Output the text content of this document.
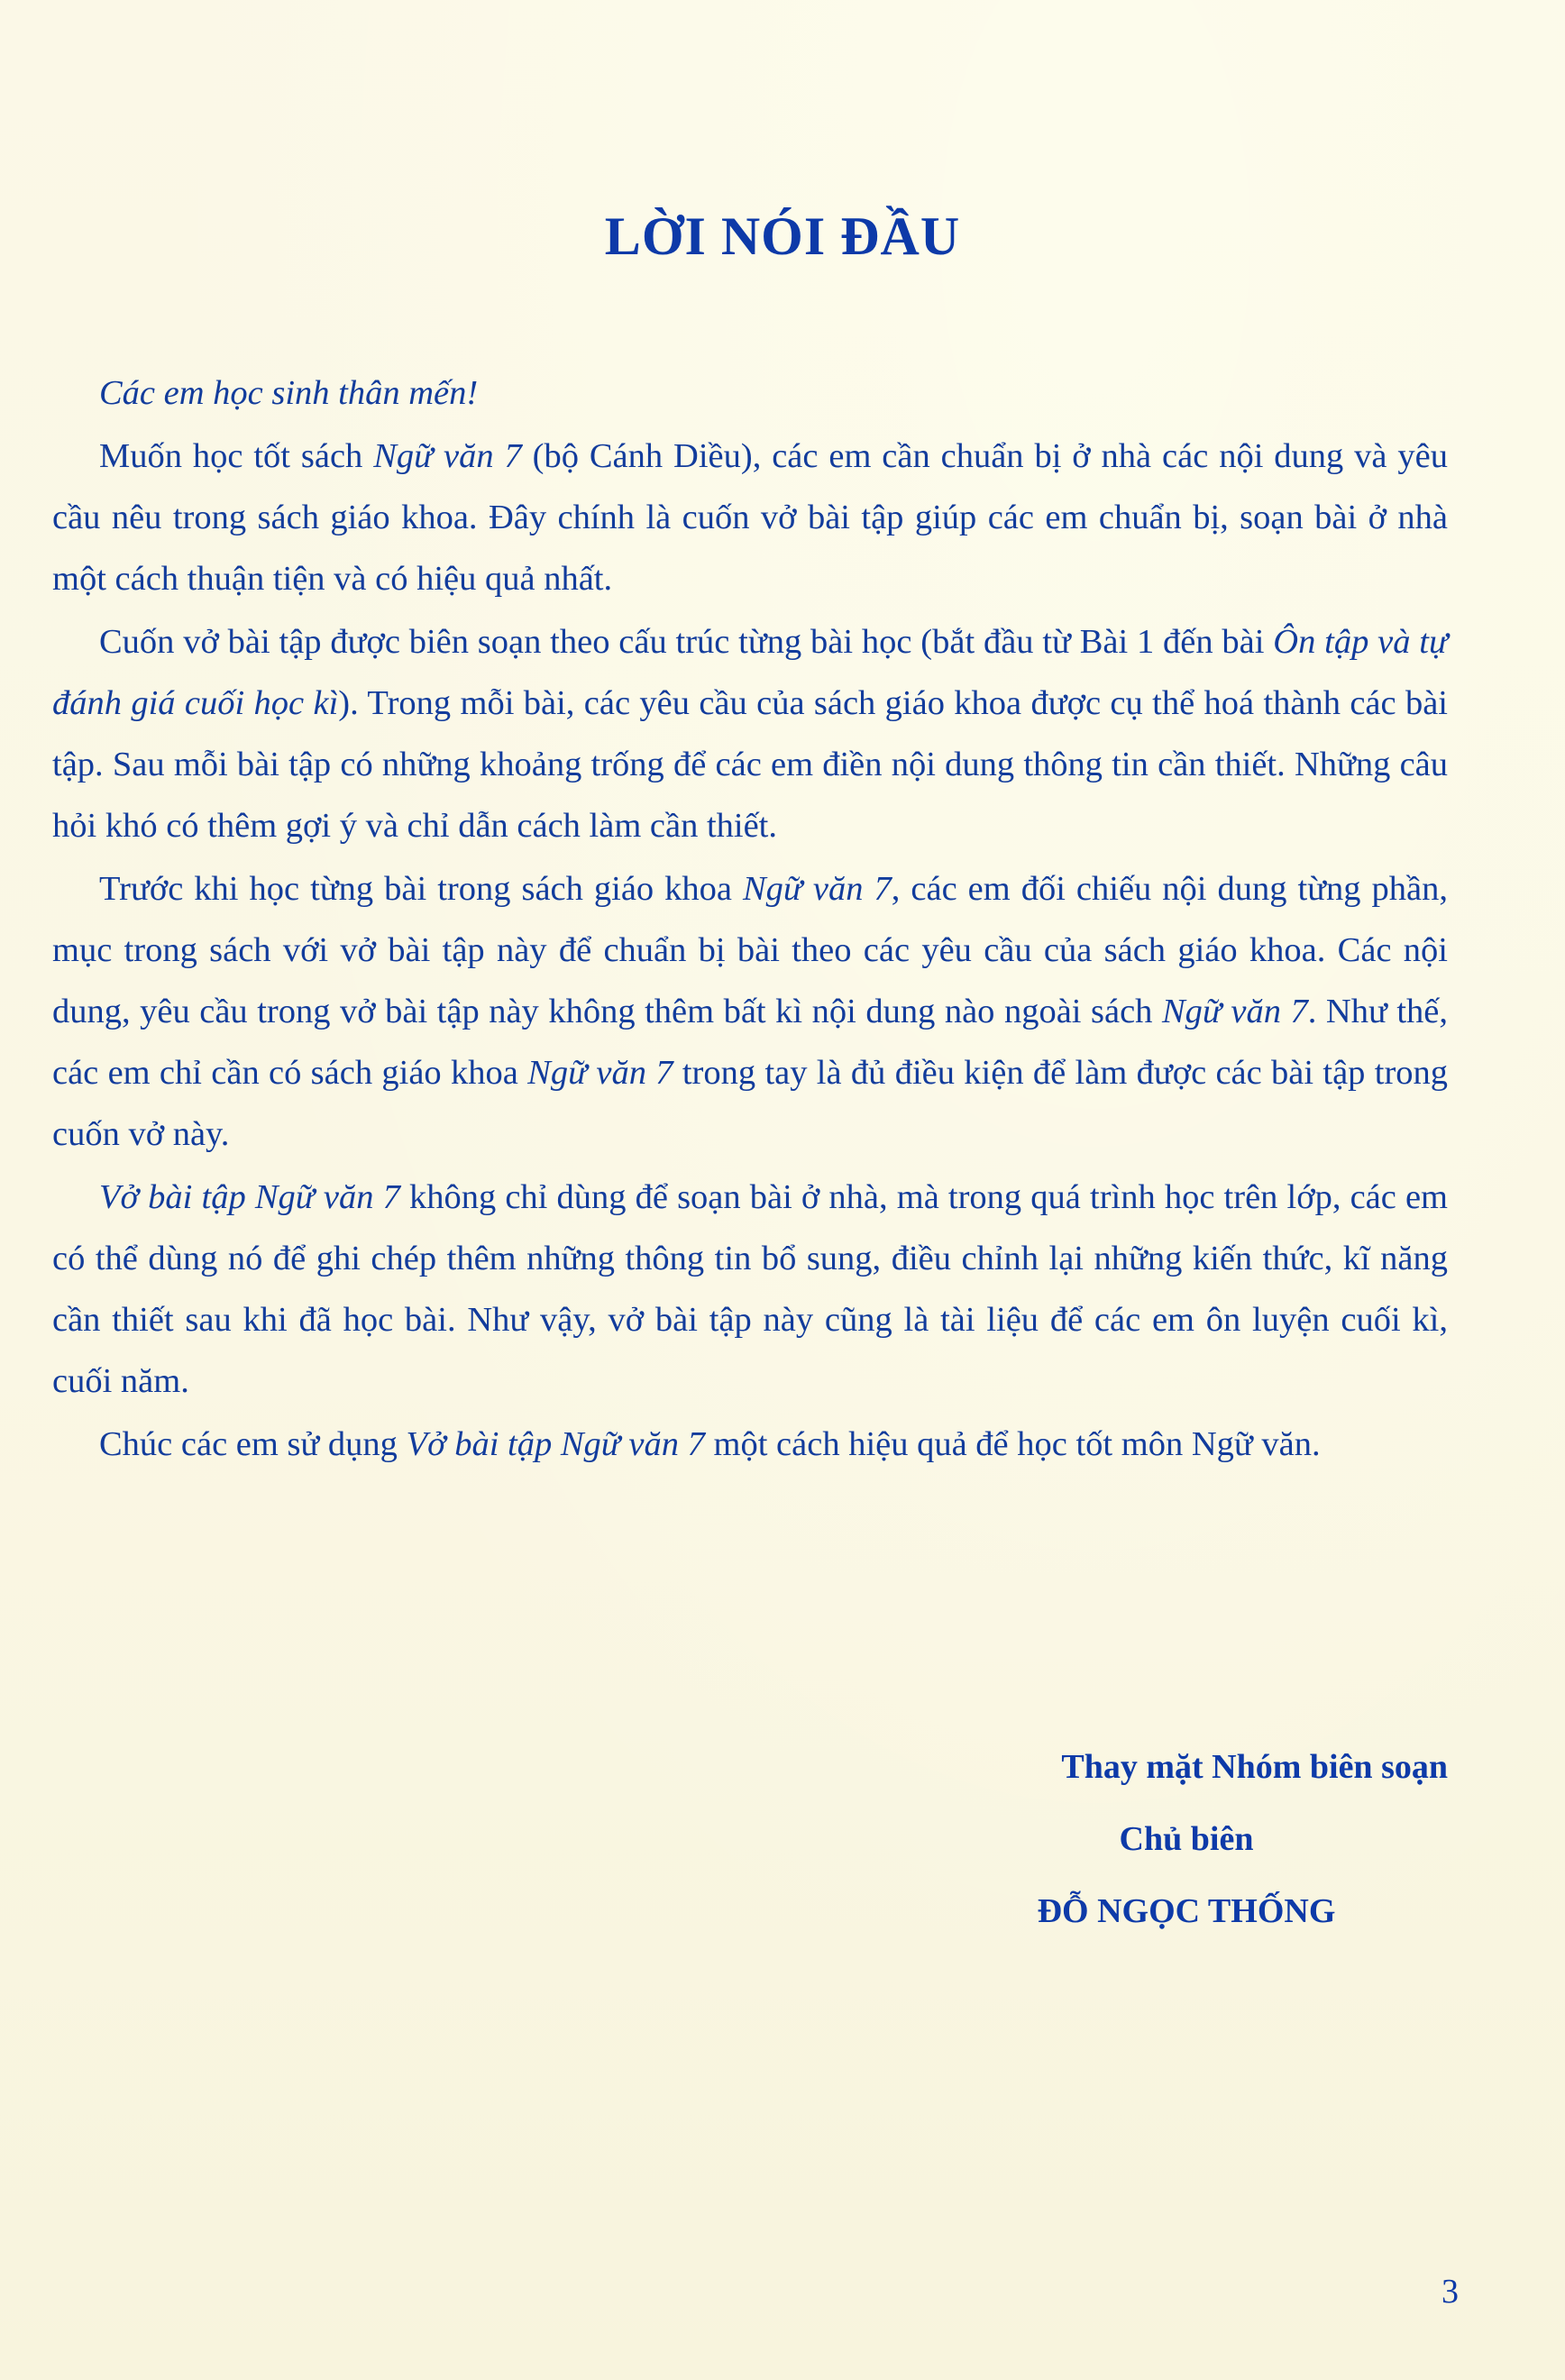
LỜI NÓI ĐẦU

Các em học sinh thân mến!

Muốn học tốt sách Ngữ văn 7 (bộ Cánh Diều), các em cần chuẩn bị ở nhà các nội dung và yêu cầu nêu trong sách giáo khoa. Đây chính là cuốn vở bài tập giúp các em chuẩn bị, soạn bài ở nhà một cách thuận tiện và có hiệu quả nhất.

Cuốn vở bài tập được biên soạn theo cấu trúc từng bài học (bắt đầu từ Bài 1 đến bài Ôn tập và tự đánh giá cuối học kì). Trong mỗi bài, các yêu cầu của sách giáo khoa được cụ thể hoá thành các bài tập. Sau mỗi bài tập có những khoảng trống để các em điền nội dung thông tin cần thiết. Những câu hỏi khó có thêm gợi ý và chỉ dẫn cách làm cần thiết.

Trước khi học từng bài trong sách giáo khoa Ngữ văn 7, các em đối chiếu nội dung từng phần, mục trong sách với vở bài tập này để chuẩn bị bài theo các yêu cầu của sách giáo khoa. Các nội dung, yêu cầu trong vở bài tập này không thêm bất kì nội dung nào ngoài sách Ngữ văn 7. Như thế, các em chỉ cần có sách giáo khoa Ngữ văn 7 trong tay là đủ điều kiện để làm được các bài tập trong cuốn vở này.

Vở bài tập Ngữ văn 7 không chỉ dùng để soạn bài ở nhà, mà trong quá trình học trên lớp, các em có thể dùng nó để ghi chép thêm những thông tin bổ sung, điều chỉnh lại những kiến thức, kĩ năng cần thiết sau khi đã học bài. Như vậy, vở bài tập này cũng là tài liệu để các em ôn luyện cuối kì, cuối năm.

Chúc các em sử dụng Vở bài tập Ngữ văn 7 một cách hiệu quả để học tốt môn Ngữ văn.

Thay mặt Nhóm biên soạn
Chủ biên
ĐỖ NGỌC THỐNG
3
